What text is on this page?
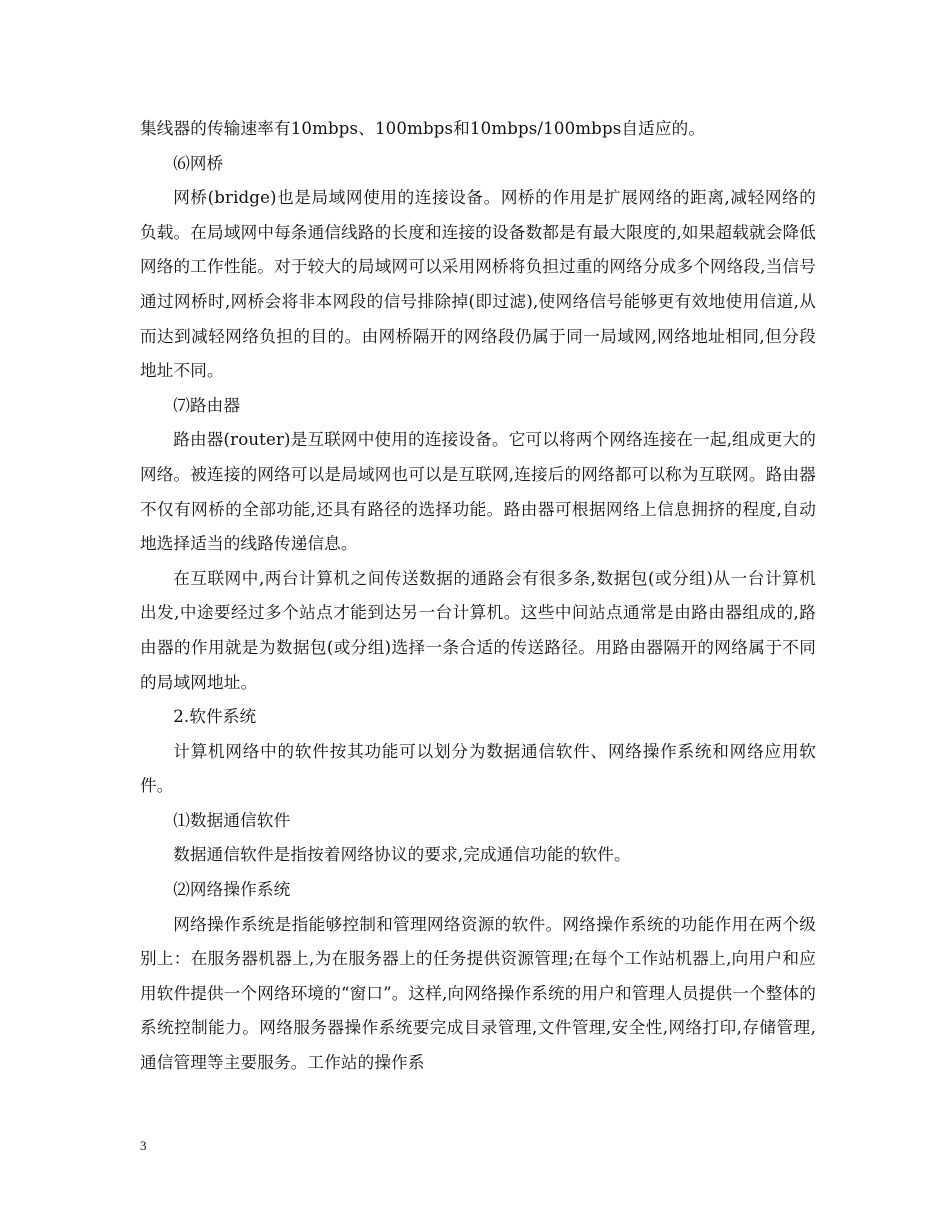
集线器的传输速率有10mbps、100mbps和10mbps/100mbps自适应的。

⑹网桥

网桥(bridge)也是局域网使用的连接设备。网桥的作用是扩展网络的距离,减轻网络的负载。在局域网中每条通信线路的长度和连接的设备数都是有最大限度的,如果超载就会降低网络的工作性能。对于较大的局域网可以采用网桥将负担过重的网络分成多个网络段,当信号通过网桥时,网桥会将非本网段的信号排除掉(即过滤),使网络信号能够更有效地使用信道,从而达到减轻网络负担的目的。由网桥隔开的网络段仍属于同一局域网,网络地址相同,但分段地址不同。

⑺路由器

路由器(router)是互联网中使用的连接设备。它可以将两个网络连接在一起,组成更大的网络。被连接的网络可以是局域网也可以是互联网,连接后的网络都可以称为互联网。路由器不仅有网桥的全部功能,还具有路径的选择功能。路由器可根据网络上信息拥挤的程度,自动地选择适当的线路传递信息。

在互联网中,两台计算机之间传送数据的通路会有很多条,数据包(或分组)从一台计算机出发,中途要经过多个站点才能到达另一台计算机。这些中间站点通常是由路由器组成的,路由器的作用就是为数据包(或分组)选择一条合适的传送路径。用路由器隔开的网络属于不同的局域网地址。

2.软件系统

计算机网络中的软件按其功能可以划分为数据通信软件、网络操作系统和网络应用软件。

⑴数据通信软件

数据通信软件是指按着网络协议的要求,完成通信功能的软件。

⑵网络操作系统

网络操作系统是指能够控制和管理网络资源的软件。网络操作系统的功能作用在两个级别上：在服务器机器上,为在服务器上的任务提供资源管理;在每个工作站机器上,向用户和应用软件提供一个网络环境的“窗口”。这样,向网络操作系统的用户和管理人员提供一个整体的系统控制能力。网络服务器操作系统要完成目录管理,文件管理,安全性,网络打印,存储管理,通信管理等主要服务。工作站的操作系

3
